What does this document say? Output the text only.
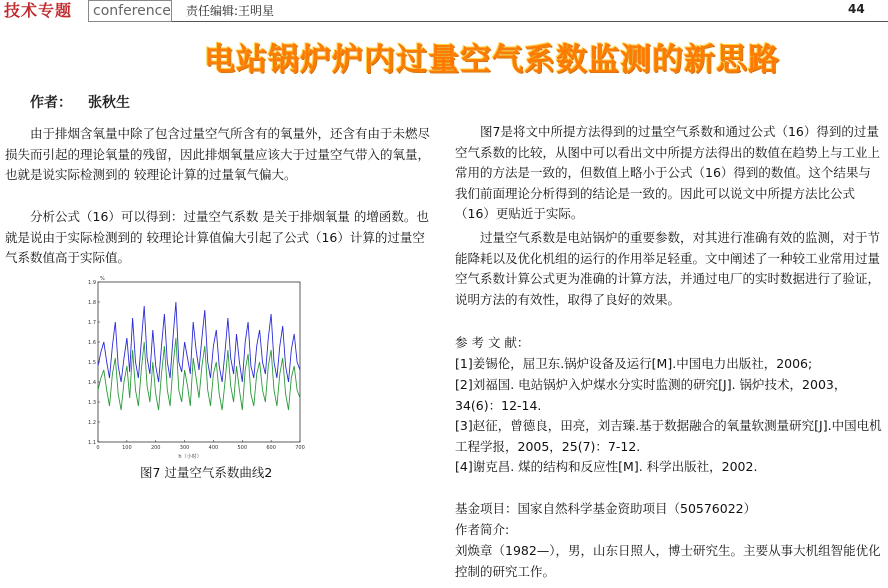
技术专题	conference 责任编辑:王明星	44
电站锅炉炉内过量空气系数监测的新思路
作者： 张秋生
由于排烟含氧量中除了包含过量空气所含有的氧量外，还含有由于未燃尽损失而引起的理论氧量的残留，因此排烟氧量应该大于过量空气带入的氧量，也就是说实际检测到的 较理论计算的过量氧气偏大。
分析公式（16）可以得到：过量空气系数 是关于排烟氧量 的增函数。也就是说由于实际检测到的 较理论计算值偏大引起了公式（16）计算的过量空气系数值高于实际值。
0	100	200	300	400	500	600	700
1.1
1.2
1.3
1.4
1.5
1.6
1.7
1.8
1.9
%
h（小时）
图7 过量空气系数曲线2
图7是将文中所提方法得到的过量空气系数和通过公式（16）得到的过量空气系数的比较，从图中可以看出文中所提方法得出的数值在趋势上与工业上常用的方法是一致的，但数值上略小于公式（16）得到的数值。这个结果与我们前面理论分析得到的结论是一致的。因此可以说文中所提方法比公式（16）更贴近于实际。
过量空气系数是电站锅炉的重要参数，对其进行准确有效的监测，对于节能降耗以及优化机组的运行的作用举足轻重。文中阐述了一种较工业常用过量空气系数计算公式更为准确的计算方法，并通过电厂的实时数据进行了验证，说明方法的有效性，取得了良好的效果。
参 考 文 献：
[1]姜锡伦，屈卫东.锅炉设备及运行[M].中国电力出版社，2006;
[2]刘福国. 电站锅炉入炉煤水分实时监测的研究[J]. 锅炉技术，2003，34(6)：12-14.
[3]赵征，曾德良，田亮，刘吉臻.基于数据融合的氧量软测量研究[J].中国电机工程学报，2005，25(7)：7-12.
[4]谢克昌. 煤的结构和反应性[M]. 科学出版社，2002.
基金项目：国家自然科学基金资助项目（50576022）
作者简介:
刘焕章（1982—），男，山东日照人，博士研究生。主要从事大机组智能优化控制的研究工作。
